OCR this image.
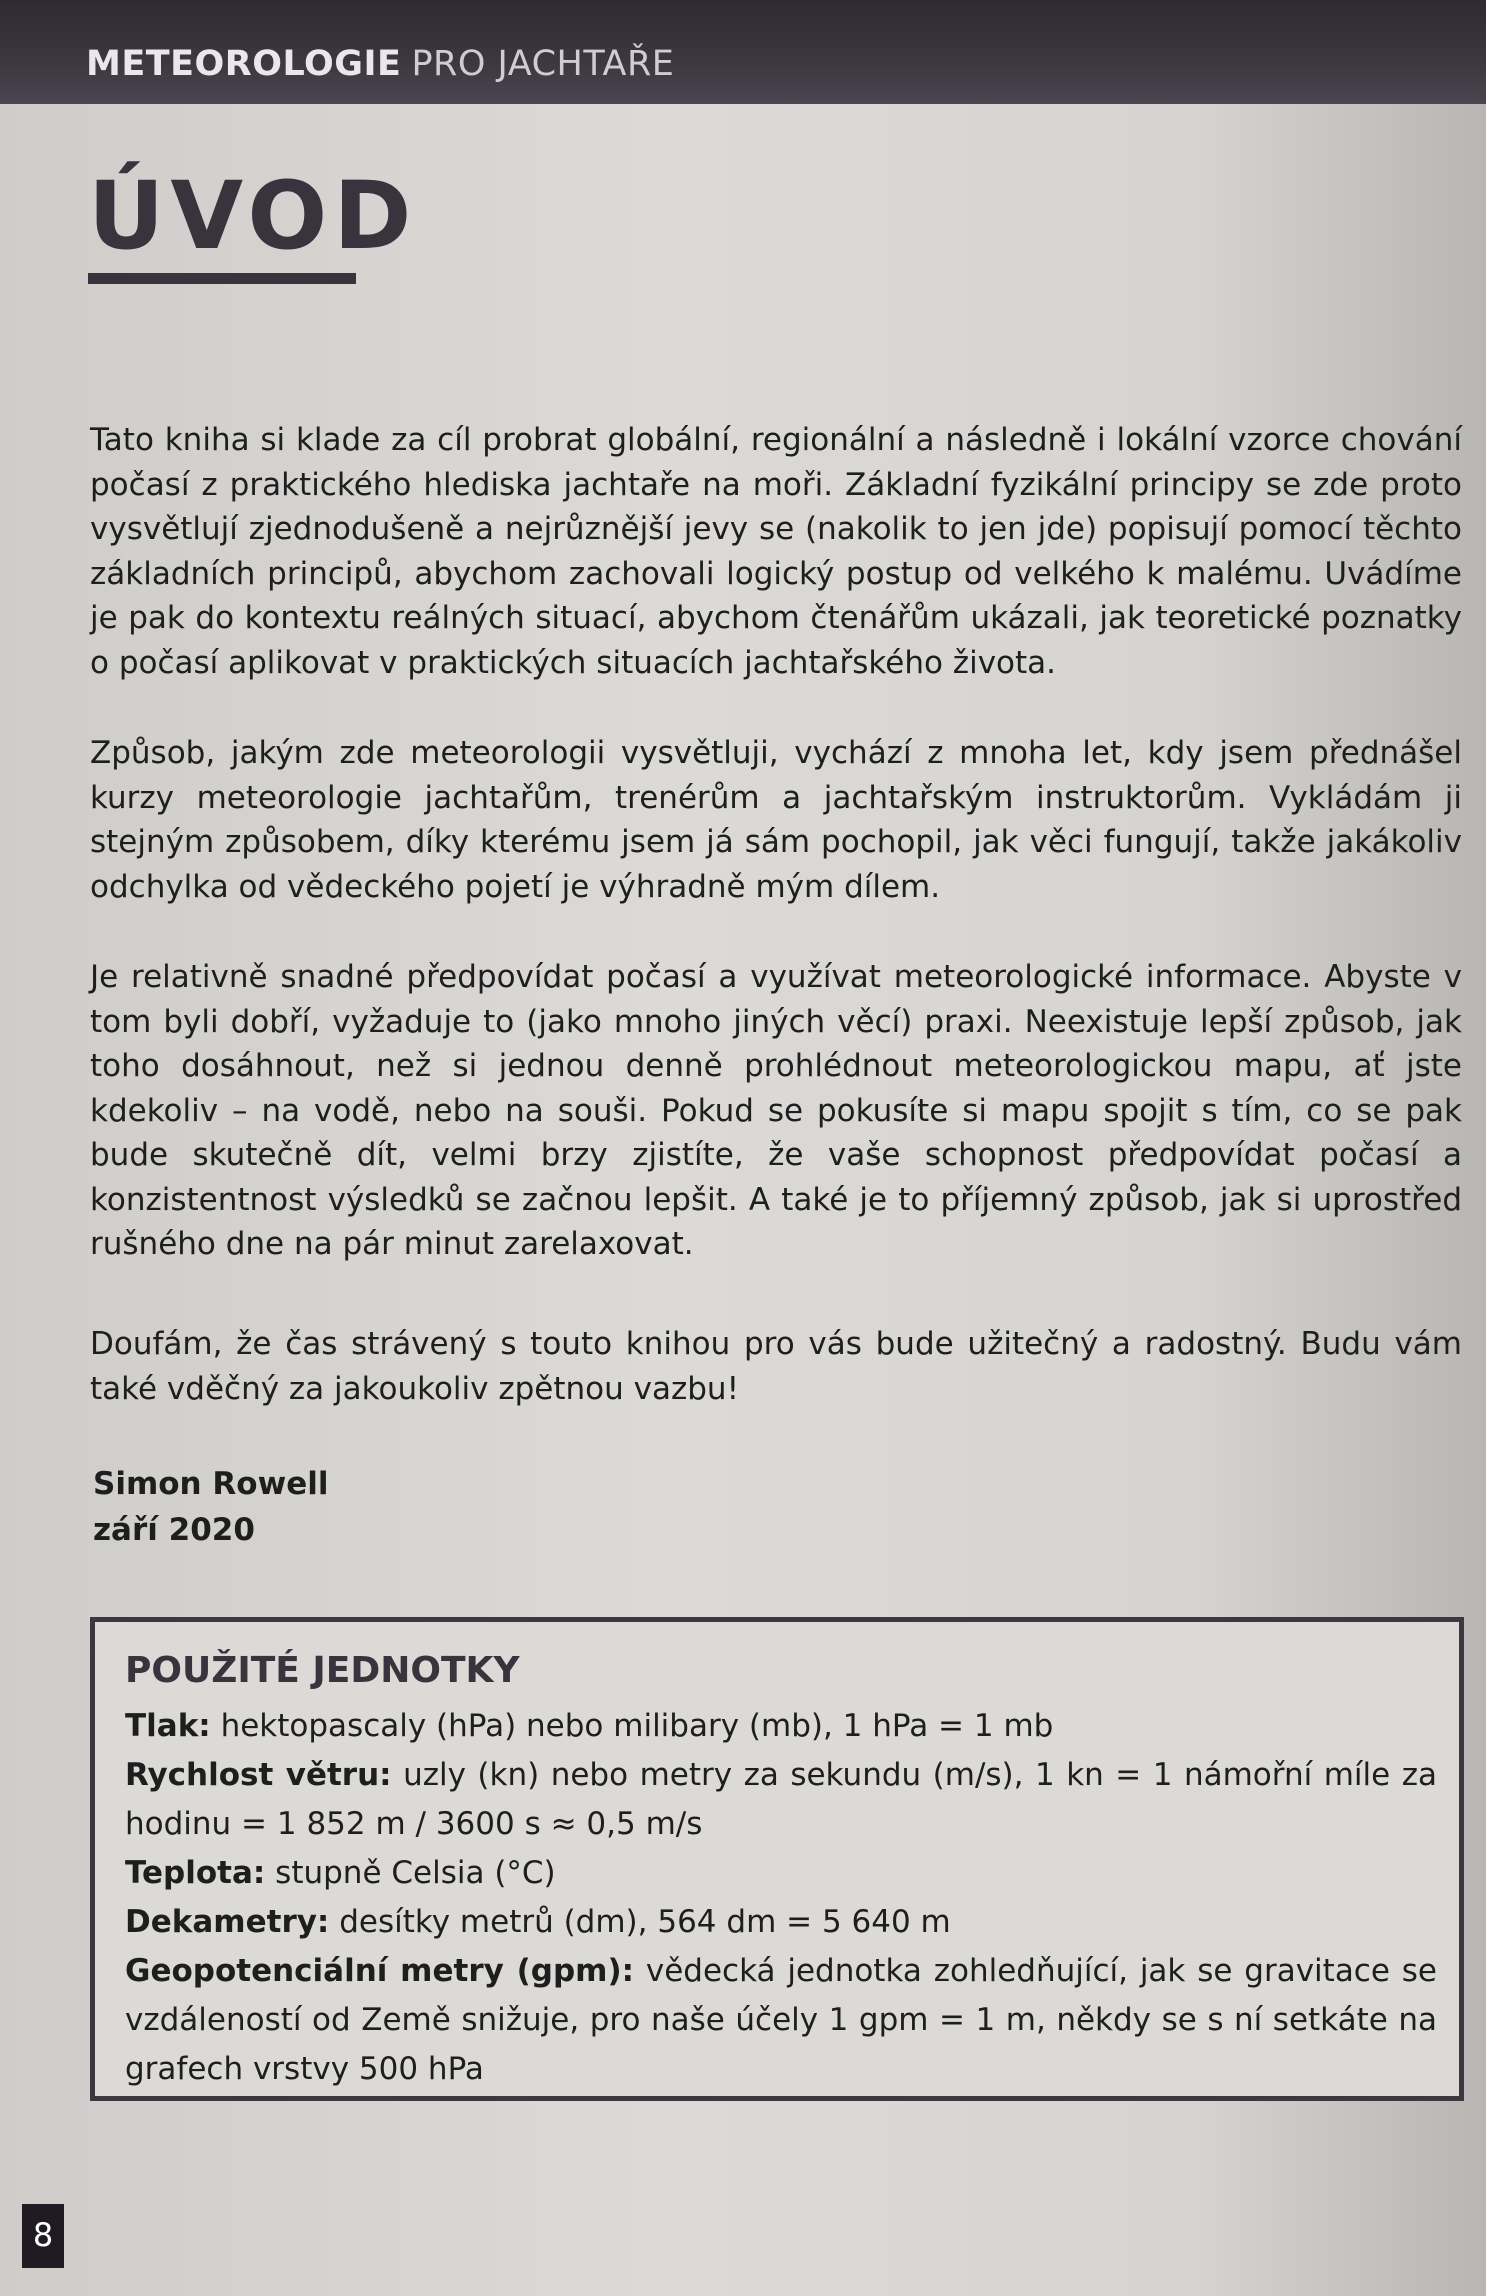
METEOROLOGIE PRO JACHTAŘE
ÚVOD

Tato kniha si klade za cíl probrat globální, regionální a následně i lokální vzorce chování počasí z praktického hlediska jachtaře na moři. Základní fyzikální principy se zde proto vysvětlují zjednodušeně a nejrůznější jevy se (nakolik to jen jde) popisují pomocí těchto základních principů, abychom zachovali logický postup od velkého k malému. Uvádíme je pak do kontextu reálných situací, abychom čtenářům ukázali, jak teoretické poznatky o počasí aplikovat v praktických situacích jachtařského života.

Způsob, jakým zde meteorologii vysvětluji, vychází z mnoha let, kdy jsem přednášel kurzy meteorologie jachtařům, trenérům a jachtařským instruktorům. Vykládám ji stejným způsobem, díky kterému jsem já sám pochopil, jak věci fungují, takže jakákoliv odchylka od vědeckého pojetí je výhradně mým dílem.

Je relativně snadné předpovídat počasí a využívat meteorologické informace. Abyste v tom byli dobří, vyžaduje to (jako mnoho jiných věcí) praxi. Neexistuje lepší způsob, jak toho dosáhnout, než si jednou denně prohlédnout meteorologickou mapu, ať jste kdekoliv – na vodě, nebo na souši. Pokud se pokusíte si mapu spojit s tím, co se pak bude skutečně dít, velmi brzy zjistíte, že vaše schopnost předpovídat počasí a konzistentnost výsledků se začnou lepšit. A také je to příjemný způsob, jak si uprostřed rušného dne na pár minut zarelaxovat.

Doufám, že čas strávený s touto knihou pro vás bude užitečný a radostný. Budu vám také vděčný za jakoukoliv zpětnou vazbu!

Simon Rowell
září 2020
POUŽITÉ JEDNOTKY
Tlak: hektopascaly (hPa) nebo milibary (mb), 1 hPa = 1 mb
Rychlost větru: uzly (kn) nebo metry za sekundu (m/s), 1 kn = 1 námořní míle za hodinu = 1 852 m / 3600 s ≈ 0,5 m/s
Teplota: stupně Celsia (°C)
Dekametry: desítky metrů (dm), 564 dm = 5 640 m
Geopotenciální metry (gpm): vědecká jednotka zohledňující, jak se gravitace se vzdáleností od Země snižuje, pro naše účely 1 gpm = 1 m, někdy se s ní setkáte na grafech vrstvy 500 hPa
8
